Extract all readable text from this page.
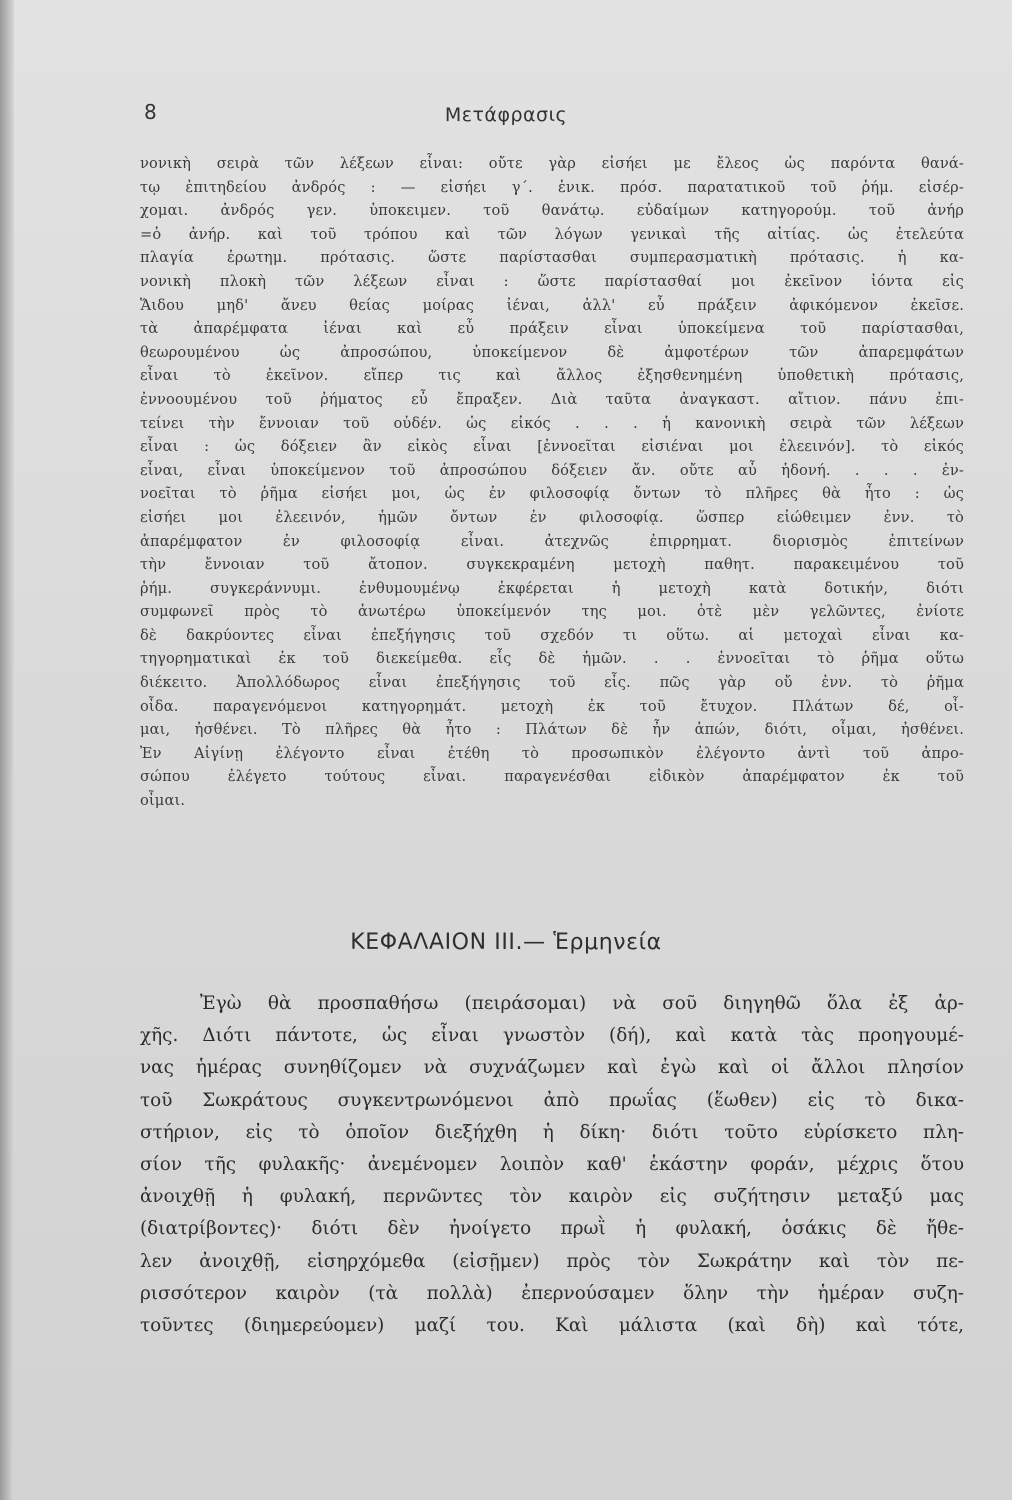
8	Μετάφρασις
νονικὴ σειρὰ τῶν λέξεων εἶναι: οὔτε γὰρ εἰσήει με ἔλεος ὡς παρόντα θανά-
τῳ ἐπιτηδείου ἀνδρός : — εἰσήει γ΄. ἑνικ. πρόσ. παρατατικοῦ τοῦ ῥήμ. εἰσέρ-
χομαι. ἀνδρός γεν. ὑποκειμεν. τοῦ θανάτῳ. εὐδαίμων κατηγορούμ. τοῦ ἀνήρ
=ὁ ἀνήρ. καὶ τοῦ τρόπου καὶ τῶν λόγων γενικαὶ τῆς αἰτίας. ὡς ἐτελεύτα
πλαγία ἐρωτημ. πρότασις. ὥστε παρίστασθαι συμπερασματικὴ πρότασις. ἡ κα-
νονικὴ πλοκὴ τῶν λέξεων εἶναι : ὥστε παρίστασθαί μοι ἐκεῖνον ἰόντα εἰς
Ἅιδου μηδ' ἄνευ θείας μοίρας ἰέναι, ἀλλ' εὖ πράξειν ἀφικόμενον ἐκεῖσε.
τὰ ἀπαρέμφατα ἰέναι καὶ εὖ πράξειν εἶναι ὑποκείμενα τοῦ παρίστασθαι,
θεωρουμένου ὡς ἀπροσώπου, ὑποκείμενον δὲ ἀμφοτέρων τῶν ἀπαρεμφάτων
εἶναι τὸ ἐκεῖνον. εἴπερ τις καὶ ἄλλος ἐξησθενημένη ὑποθετικὴ πρότασις,
ἐννοουμένου τοῦ ῥήματος εὖ ἔπραξεν. Διὰ ταῦτα ἀναγκαστ. αἴτιον. πάνυ ἐπι-
τείνει τὴν ἔννοιαν τοῦ οὐδέν. ὡς εἰκός . . . ἡ κανονικὴ σειρὰ τῶν λέξεων
εἶναι : ὡς δόξειεν ἂν εἰκὸς εἶναι [ἐννοεῖται εἰσιέναι μοι ἐλεεινόν]. τὸ εἰκός
εἶναι, εἶναι ὑποκείμενον τοῦ ἀπροσώπου δόξειεν ἄν. οὔτε αὖ ἡδονή. . . . ἐν-
νοεῖται τὸ ῥῆμα εἰσήει μοι, ὡς ἐν φιλοσοφίᾳ ὄντων τὸ πλῆρες θὰ ἦτο : ὡς
εἰσήει μοι ἐλεεινόν, ἡμῶν ὄντων ἐν φιλοσοφίᾳ. ὥσπερ εἰώθειμεν ἐνν. τὸ
ἀπαρέμφατον ἐν φιλοσοφίᾳ εἶναι. ἀτεχνῶς ἐπιρρηματ. διορισμὸς ἐπιτείνων
τὴν ἔννοιαν τοῦ ἄτοπον. συγκεκραμένη μετοχὴ παθητ. παρακειμένου τοῦ
ῥήμ. συγκεράννυμι. ἐνθυμουμένῳ ἐκφέρεται ἡ μετοχὴ κατὰ δοτικήν, διότι
συμφωνεῖ πρὸς τὸ ἀνωτέρω ὑποκείμενόν της μοι. ὁτὲ μὲν γελῶντες, ἐνίοτε
δὲ δακρύοντες εἶναι ἐπεξήγησις τοῦ σχεδόν τι οὕτω. αἱ μετοχαὶ εἶναι κα-
τηγορηματικαὶ ἐκ τοῦ διεκείμεθα. εἷς δὲ ἡμῶν. . . ἐννοεῖται τὸ ῥῆμα οὕτω
διέκειτο. Ἀπολλόδωρος εἶναι ἐπεξήγησις τοῦ εἷς. πῶς γὰρ οὔ ἐνν. τὸ ῥῆμα
οἶδα. παραγενόμενοι κατηγορημάτ. μετοχὴ ἐκ τοῦ ἔτυχον. Πλάτων δέ, οἶ-
μαι, ἠσθένει. Τὸ πλῆρες θὰ ἦτο : Πλάτων δὲ ἦν ἀπών, διότι, οἶμαι, ἠσθένει.
Ἐν Αἰγίνῃ ἐλέγοντο εἶναι ἐτέθη τὸ προσωπικὸν ἐλέγοντο ἀντὶ τοῦ ἀπρο-
σώπου ἐλέγετο τούτους εἶναι. παραγενέσθαι εἰδικὸν ἀπαρέμφατον ἐκ τοῦ
οἶμαι.
ΚΕΦΑΛΑΙΟΝ III.— Ἑρμηνεία
Ἐγὼ θὰ προσπαθήσω (πειράσομαι) νὰ σοῦ διηγηθῶ ὅλα ἐξ ἀρ-
χῆς. Διότι πάντοτε, ὡς εἶναι γνωστὸν (δή), καὶ κατὰ τὰς προηγουμέ-
νας ἡμέρας συνηθίζομεν νὰ συχνάζωμεν καὶ ἐγὼ καὶ οἱ ἄλλοι πλησίον
τοῦ Σωκράτους συγκεντρωνόμενοι ἀπὸ πρωΐας (ἕωθεν) εἰς τὸ δικα-
στήριον, εἰς τὸ ὁποῖον διεξήχθη ἡ δίκη· διότι τοῦτο εὑρίσκετο πλη-
σίον τῆς φυλακῆς· ἀνεμένομεν λοιπὸν καθ' ἑκάστην φοράν, μέχρις ὅτου
ἀνοιχθῇ ἡ φυλακή, περνῶντες τὸν καιρὸν εἰς συζήτησιν μεταξύ μας
(διατρίβοντες)· διότι δὲν ἠνοίγετο πρωῒ ἡ φυλακή, ὁσάκις δὲ ἤθε-
λεν ἀνοιχθῇ, εἰσηρχόμεθα (εἰσῇμεν) πρὸς τὸν Σωκράτην καὶ τὸν πε-
ρισσότερον καιρὸν (τὰ πολλὰ) ἐπερνούσαμεν ὅλην τὴν ἡμέραν συζη-
τοῦντες (διημερεύομεν) μαζί του. Καὶ μάλιστα (καὶ δὴ) καὶ τότε,
